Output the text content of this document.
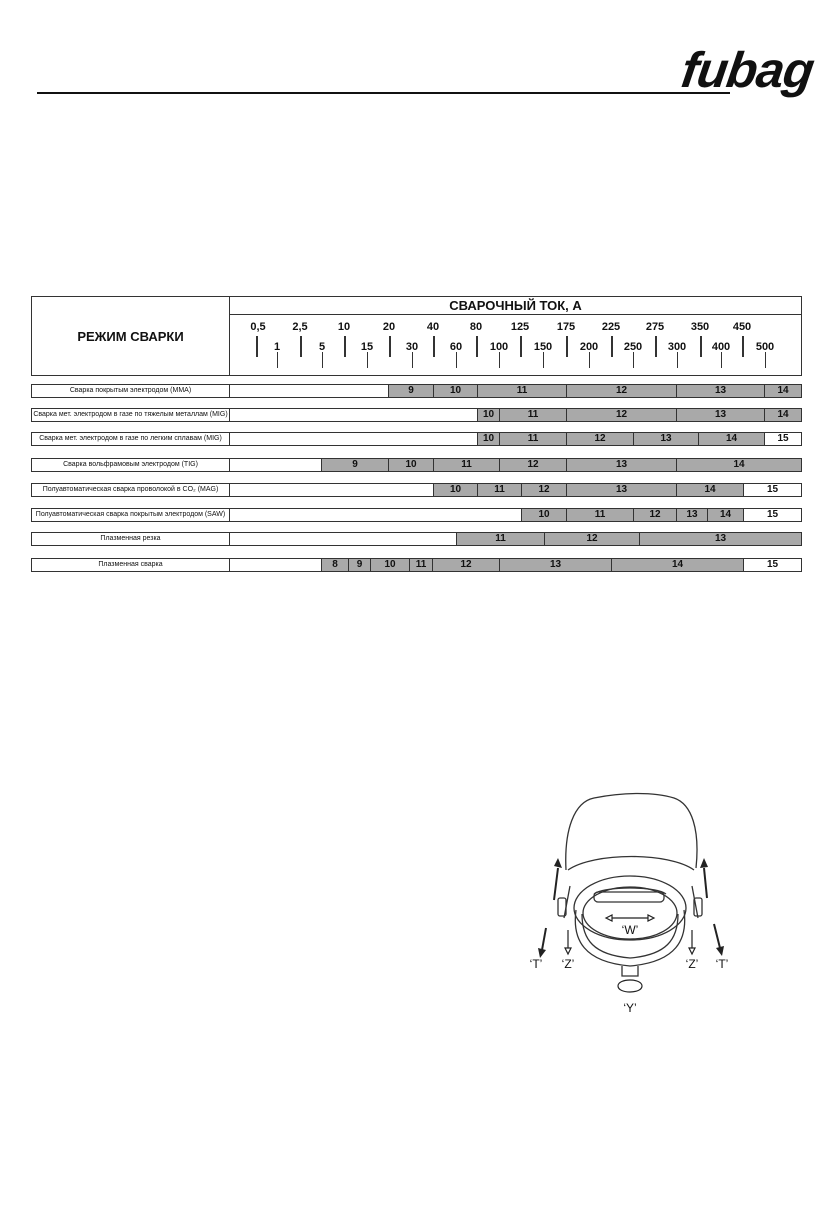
fubag
РЕЖИМ СВАРКИ
СВАРОЧНЫЙ ТОК, А
0,5 2,5	10	20	40	80	125	175 225 275 350 450
1	5	15	30	60	100 150	200 250 300 400 500
Сварка покрытым электродом (ММА)	9	10	11	12	13	14
Сварка мет. электродом в газе по тяжелым металлам (MIG)	10	11	12	13	14
Сварка мет. электродом в газе по легким сплавам (MIG)	10	11	12	13	14	15
Сварка вольфрамовым электродом (TIG)	9	10	11	12	13	14
Полуавтоматическая сварка проволокой в CO₂ (MAG)	10	11	12	13	14	15
Полуавтоматическая сварка покрытым электродом (SAW)	10	11	12	13	14	15
Плазменная резка	11	12	13
Плазменная сварка	8	9	10	11	12	13	14	15
‘W’
‘T’ ‘Z’	‘Z’ ‘T’
‘Y’
